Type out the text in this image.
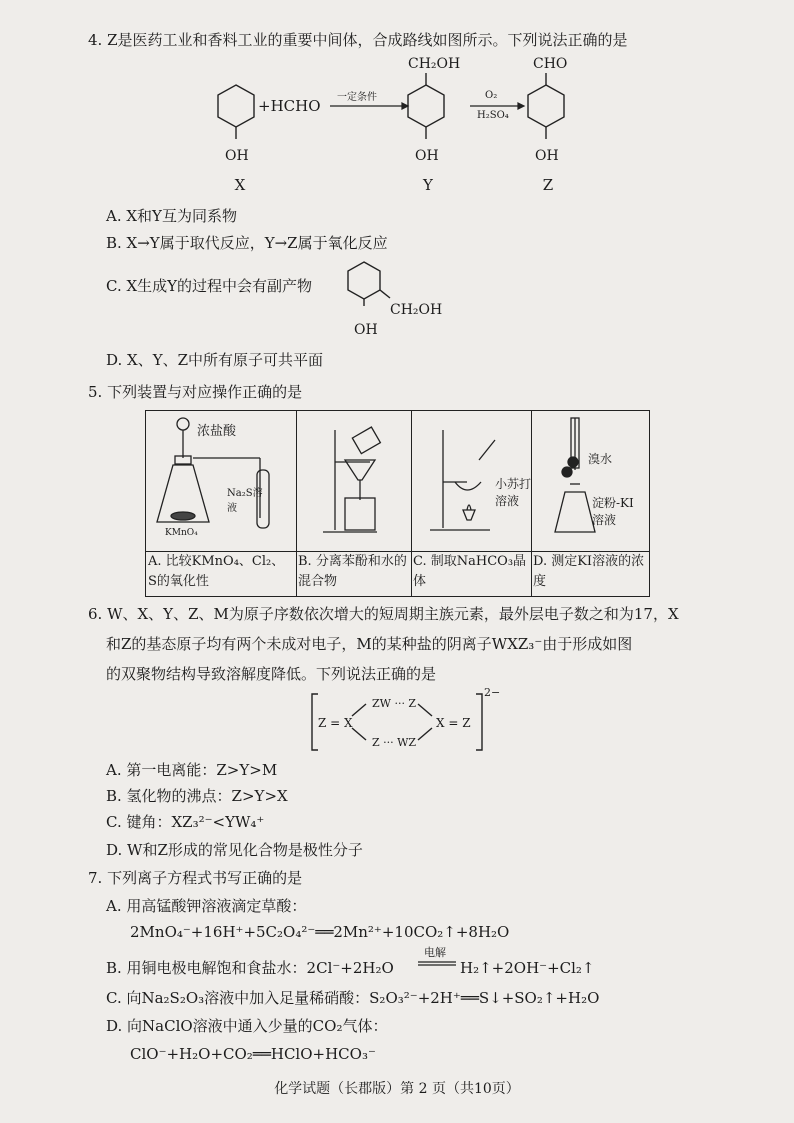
4. Z是医药工业和香料工业的重要中间体，合成路线如图所示。下列说法正确的是
+HCHO 一定条件	O₂
H₂SO₄
CH₂OH	CHO
OH	OH	OH
X	Y	Z
A. X和Y互为同系物
B. X→Y属于取代反应，Y→Z属于氧化反应
C. X生成Y的过程中会有副产物
CH₂OH
OH
D. X、Y、Z中所有原子可共平面
5. 下列装置与对应操作正确的是
浓盐酸
Na₂S溶液
KMnO₄
小苏打溶液
溴水
淀粉-KI溶液
A. 比较KMnO₄、Cl₂、S的氧化性
B. 分离苯酚和水的混合物
C. 制取NaHCO₃晶体
D. 测定KI溶液的浓度
6. W、X、Y、Z、M为原子序数依次增大的短周期主族元素，最外层电子数之和为17，X
和Z的基态原子均有两个未成对电子，M的某种盐的阴离子WXZ₃⁻由于形成如图
的双聚物结构导致溶解度降低。下列说法正确的是
ZW ··· Z
Z ··· WZ
Z = X	X = Z
2−
A. 第一电离能：Z>Y>M
B. 氢化物的沸点：Z>Y>X
C. 键角：XZ₃²⁻<YW₄⁺
D. W和Z形成的常见化合物是极性分子
7. 下列离子方程式书写正确的是
A. 用高锰酸钾溶液滴定草酸：
2MnO₄⁻+16H⁺+5C₂O₄²⁻══2Mn²⁺+10CO₂↑+8H₂O
B. 用铜电极电解饱和食盐水：2Cl⁻+2H₂O
电解
H₂↑+2OH⁻+Cl₂↑
C. 向Na₂S₂O₃溶液中加入足量稀硝酸：S₂O₃²⁻+2H⁺══S↓+SO₂↑+H₂O
D. 向NaClO溶液中通入少量的CO₂气体：
ClO⁻+H₂O+CO₂══HClO+HCO₃⁻
化学试题（长郡版）第 2 页（共10页）
